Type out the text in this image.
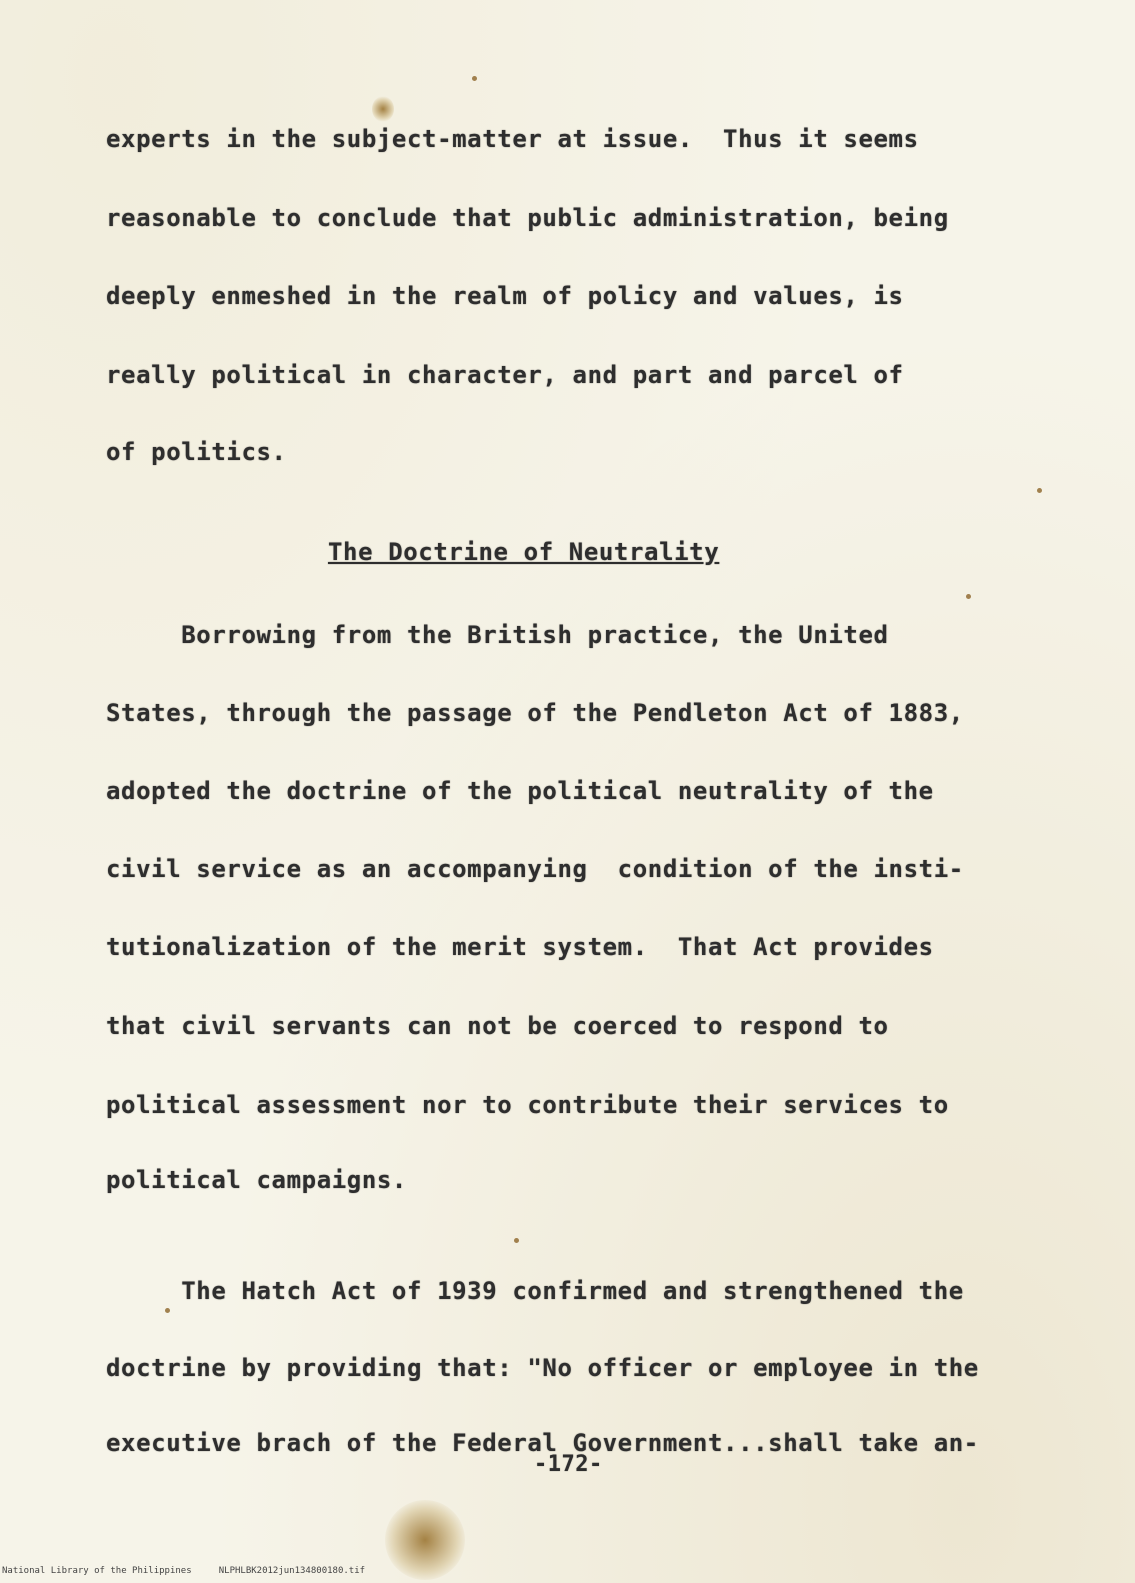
experts in the subject-matter at issue.  Thus it seems
reasonable to conclude that public administration, being
deeply enmeshed in the realm of policy and values, is
really political in character, and part and parcel of
of politics.
The Doctrine of Neutrality
Borrowing from the British practice, the United
States, through the passage of the Pendleton Act of 1883,
adopted the doctrine of the political neutrality of the
civil service as an accompanying  condition of the insti-
tutionalization of the merit system.  That Act provides
that civil servants can not be coerced to respond to
political assessment nor to contribute their services to
political campaigns.
The Hatch Act of 1939 confirmed and strengthened the
doctrine by providing that: "No officer or employee in the
executive brach of the Federal Government...shall take an-
-172-
National Library of the Philippines     NLPHLBK2012jun134800180.tif
